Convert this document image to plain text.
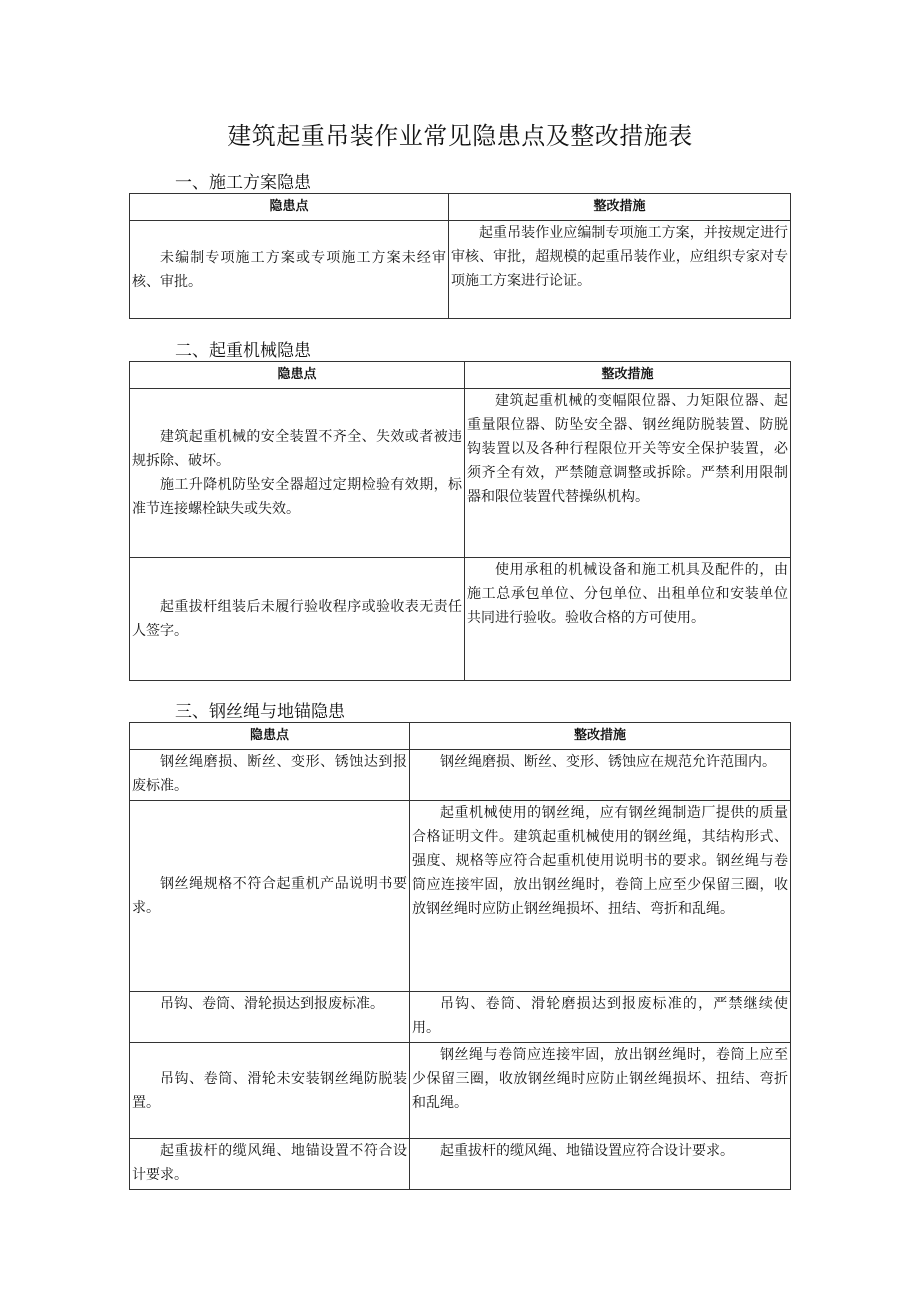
建筑起重吊装作业常见隐患点及整改措施表
一、施工方案隐患
隐患点	整改措施

未编制专项施工方案或专项施工方案未经审核、审批。	起重吊装作业应编制专项施工方案，并按规定进行审核、审批，超规模的起重吊装作业，应组织专家对专项施工方案进行论证。
二、起重机械隐患
隐患点	整改措施

建筑起重机械的安全装置不齐全、失效或者被违规拆除、破坏。
施工升降机防坠安全器超过定期检验有效期，标准节连接螺栓缺失或失效。	建筑起重机械的变幅限位器、力矩限位器、起重量限位器、防坠安全器、钢丝绳防脱装置、防脱钩装置以及各种行程限位开关等安全保护装置，必须齐全有效，严禁随意调整或拆除。严禁利用限制器和限位装置代替操纵机构。

起重拔杆组装后未履行验收程序或验收表无责任人签字。	使用承租的机械设备和施工机具及配件的，由施工总承包单位、分包单位、出租单位和安装单位共同进行验收。验收合格的方可使用。
三、钢丝绳与地锚隐患
隐患点	整改措施

钢丝绳磨损、断丝、变形、锈蚀达到报废标准。	钢丝绳磨损、断丝、变形、锈蚀应在规范允许范围内。

钢丝绳规格不符合起重机产品说明书要求。	起重机械使用的钢丝绳，应有钢丝绳制造厂提供的质量合格证明文件。建筑起重机械使用的钢丝绳，其结构形式、强度、规格等应符合起重机使用说明书的要求。钢丝绳与卷筒应连接牢固，放出钢丝绳时，卷筒上应至少保留三圈，收放钢丝绳时应防止钢丝绳损坏、扭结、弯折和乱绳。

吊钩、卷筒、滑轮损达到报废标准。	吊钩、卷筒、滑轮磨损达到报废标准的，严禁继续使用。

吊钩、卷筒、滑轮未安装钢丝绳防脱装置。	钢丝绳与卷筒应连接牢固，放出钢丝绳时，卷筒上应至少保留三圈，收放钢丝绳时应防止钢丝绳损坏、扭结、弯折和乱绳。

起重拔杆的缆风绳、地锚设置不符合设计要求。	起重拔杆的缆风绳、地锚设置应符合设计要求。
